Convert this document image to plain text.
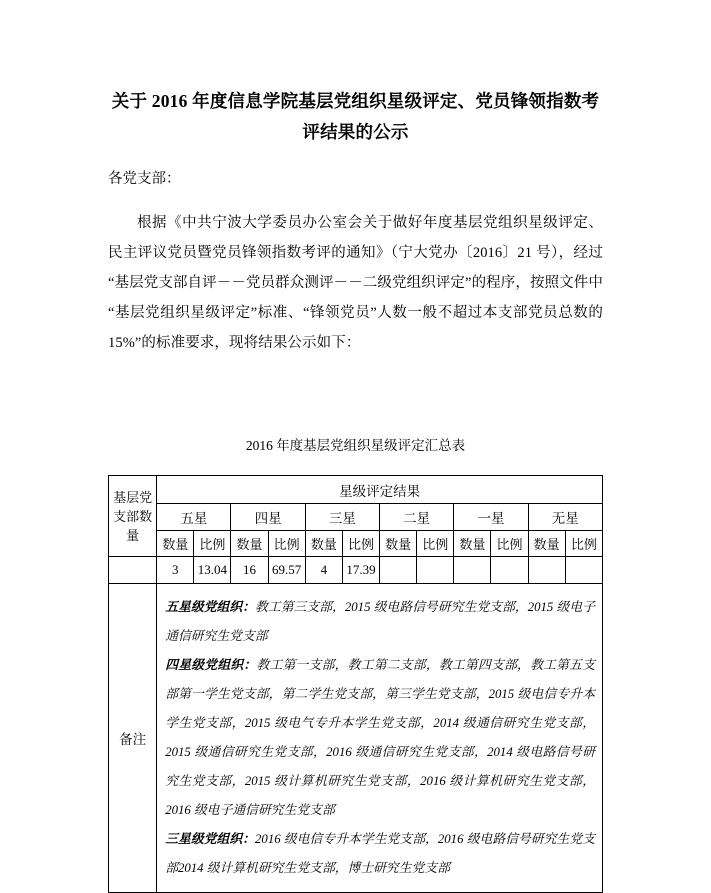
关于 2016 年度信息学院基层党组织星级评定、党员锋领指数考评结果的公示

各党支部：

根据《中共宁波大学委员办公室会关于做好年度基层党组织星级评定、民主评议党员暨党员锋领指数考评的通知》（宁大党办〔2016〕21 号），经过“基层党支部自评－－党员群众测评－－二级党组织评定”的程序，按照文件中“基层党组织星级评定”标准、“锋领党员”人数一般不超过本支部党员总数的 15%”的标准要求，现将结果公示如下：

2016 年度基层党组织星级评定汇总表

基层党支部数量	星级评定结果											
	五星		四星		三星		二星		一星		无星	
	数量	比例	数量	比例	数量	比例	数量	比例	数量	比例	数量	比例
	3	13.04	16	69.57	4	17.39						
备注	五星级党组织：教工第三支部，2015 级电路信号研究生党支部，2015 级电子通信研究生党支部

四星级党组织：教工第一支部，教工第二支部，教工第四支部，教工第五支部第一学生党支部，第二学生党支部，第三学生党支部，2015 级电信专升本学生党支部，2015 级电气专升本学生党支部，2014 级通信研究生党支部，2015 级通信研究生党支部，2016 级通信研究生党支部，2014 级电路信号研究生党支部，2015 级计算机研究生党支部，2016 级计算机研究生党支部，2016 级电子通信研究生党支部

三星级党组织：2016 级电信专升本学生党支部，2016 级电路信号研究生党支部2014 级计算机研究生党支部，博士研究生党支部											
